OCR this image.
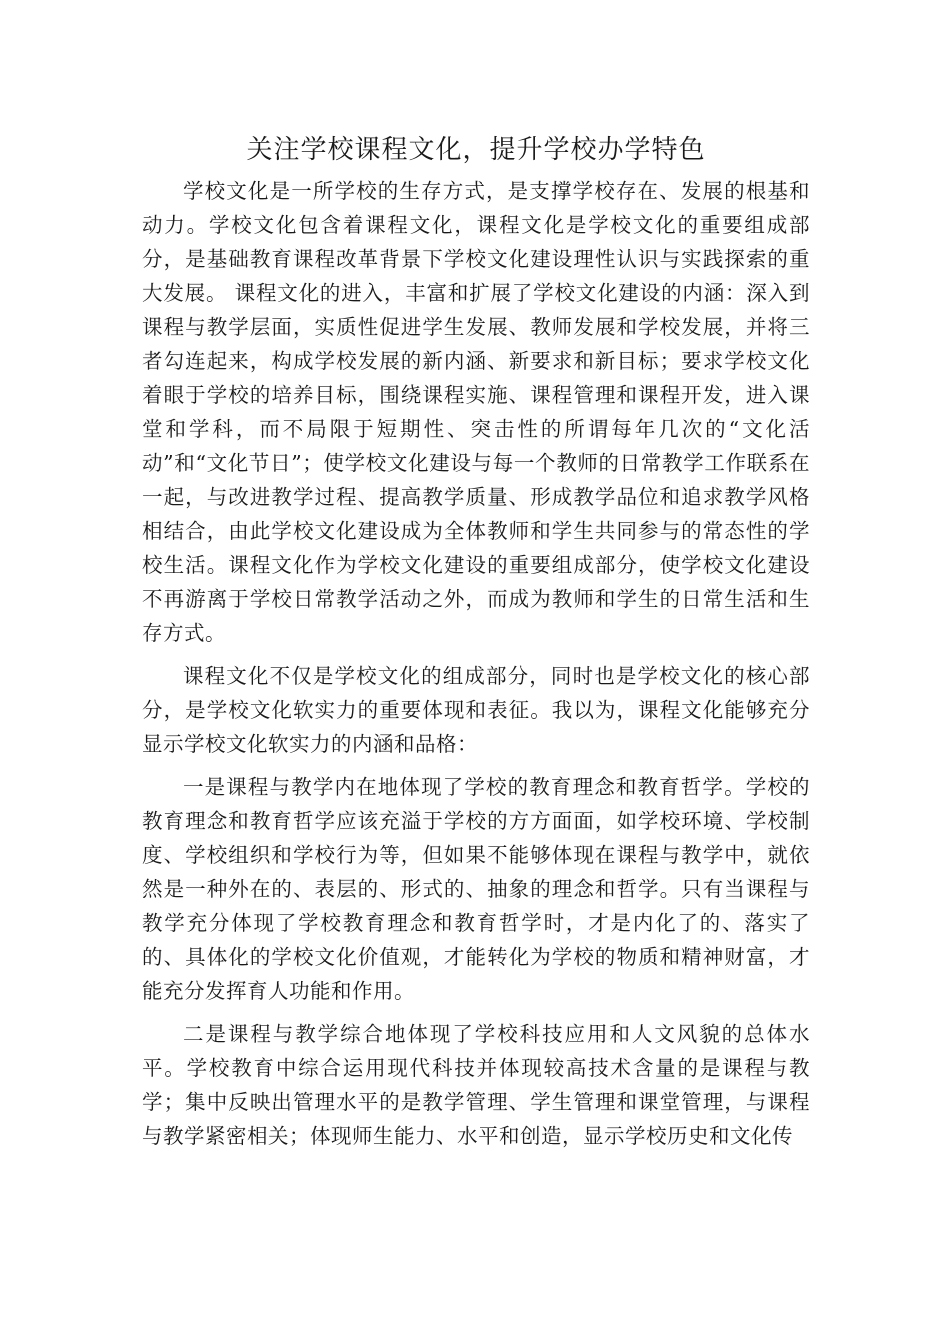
关注学校课程文化，提升学校办学特色

学校文化是一所学校的生存方式，是支撑学校存在、发展的根基和动力。学校文化包含着课程文化，课程文化是学校文化的重要组成部分，是基础教育课程改革背景下学校文化建设理性认识与实践探索的重大发展。 课程文化的进入，丰富和扩展了学校文化建设的内涵：深入到课程与教学层面，实质性促进学生发展、教师发展和学校发展，并将三者勾连起来，构成学校发展的新内涵、新要求和新目标；要求学校文化着眼于学校的培养目标，围绕课程实施、课程管理和课程开发，进入课堂和学科，而不局限于短期性、突击性的所谓每年几次的“文化活动”和“文化节日”；使学校文化建设与每一个教师的日常教学工作联系在一起，与改进教学过程、提高教学质量、形成教学品位和追求教学风格相结合，由此学校文化建设成为全体教师和学生共同参与的常态性的学校生活。课程文化作为学校文化建设的重要组成部分，使学校文化建设不再游离于学校日常教学活动之外，而成为教师和学生的日常生活和生存方式。

课程文化不仅是学校文化的组成部分，同时也是学校文化的核心部分，是学校文化软实力的重要体现和表征。我以为，课程文化能够充分显示学校文化软实力的内涵和品格：

一是课程与教学内在地体现了学校的教育理念和教育哲学。学校的教育理念和教育哲学应该充溢于学校的方方面面，如学校环境、学校制度、学校组织和学校行为等，但如果不能够体现在课程与教学中，就依然是一种外在的、表层的、形式的、抽象的理念和哲学。只有当课程与教学充分体现了学校教育理念和教育哲学时，才是内化了的、落实了的、具体化的学校文化价值观，才能转化为学校的物质和精神财富，才能充分发挥育人功能和作用。

二是课程与教学综合地体现了学校科技应用和人文风貌的总体水平。学校教育中综合运用现代科技并体现较高技术含量的是课程与教学；集中反映出管理水平的是教学管理、学生管理和课堂管理，与课程与教学紧密相关；体现师生能力、水平和创造，显示学校历史和文化传
